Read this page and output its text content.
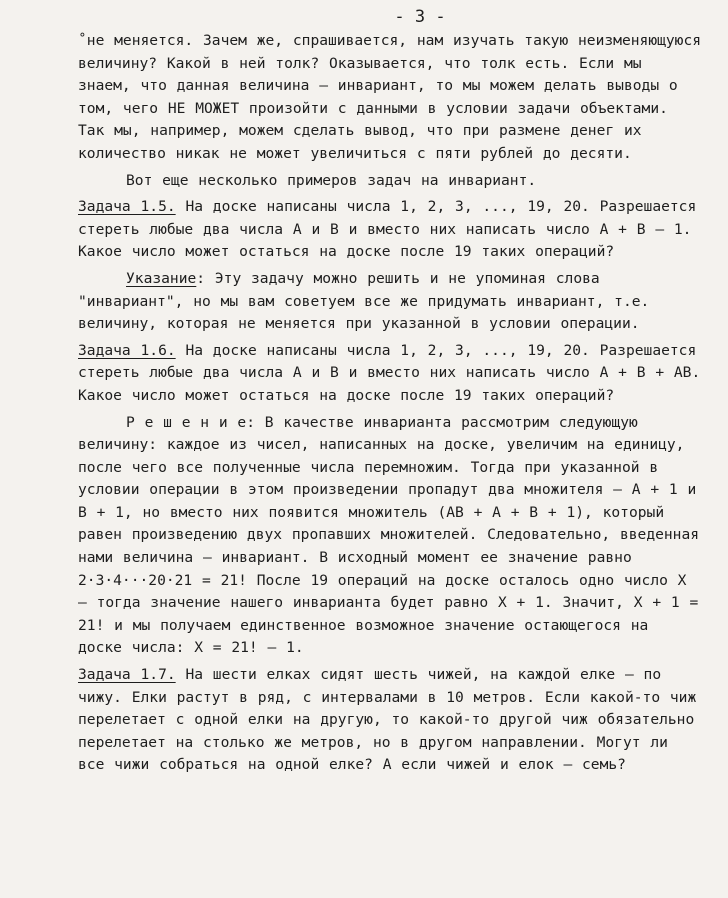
- 3 -

˚не меняется. Зачем же, спрашивается, нам изучать такую неизменяющуюся величину? Какой в ней толк? Оказывается, что толк есть. Если мы знаем, что данная величина – инвариант, то мы можем делать выводы о том, чего НЕ МОЖЕТ произойти с данными в условии задачи объектами. Так мы, например, можем сделать вывод, что при размене денег их количество никак не может увеличиться с пяти рублей до десяти.

Вот еще несколько примеров задач на инвариант.

Задача 1.5. На доске написаны числа 1, 2, 3, ..., 19, 20. Разрешается стереть любые два числа A и B и вместо них написать число A + B – 1. Какое число может остаться на доске после 19 таких операций?

Указание: Эту задачу можно решить и не упоминая слова "инвариант", но мы вам советуем все же придумать инвариант, т.е. величину, которая не меняется при указанной в условии операции.

Задача 1.6. На доске написаны числа 1, 2, 3, ..., 19, 20. Разрешается стереть любые два числа A и B и вместо них написать число A + B + AB. Какое число может остаться на доске после 19 таких операций?

Р е ш е н и е: В качестве инварианта рассмотрим следующую величину: каждое из чисел, написанных на доске, увеличим на единицу, после чего все полученные числа перемножим. Тогда при указанной в условии операции в этом произведении пропадут два множителя – A + 1 и B + 1, но вместо них появится множитель (AB + A + B + 1), который равен произведению двух пропавших множителей. Следовательно, введенная нами величина – инвариант. В исходный момент ее значение равно 2·3·4···20·21 = 21! После 19 операций на доске осталось одно число X – тогда значение нашего инварианта будет равно X + 1. Значит, X + 1 = 21! и мы получаем единственное возможное значение остающегося на доске числа: X = 21! – 1.

Задача 1.7. На шести елках сидят шесть чижей, на каждой елке – по чижу. Елки растут в ряд, с интервалами в 10 метров. Если какой-то чиж перелетает с одной елки на другую, то какой-то другой чиж обязательно перелетает на столько же метров, но в другом направлении. Могут ли все чижи собраться на одной елке? А если чижей и елок – семь?
